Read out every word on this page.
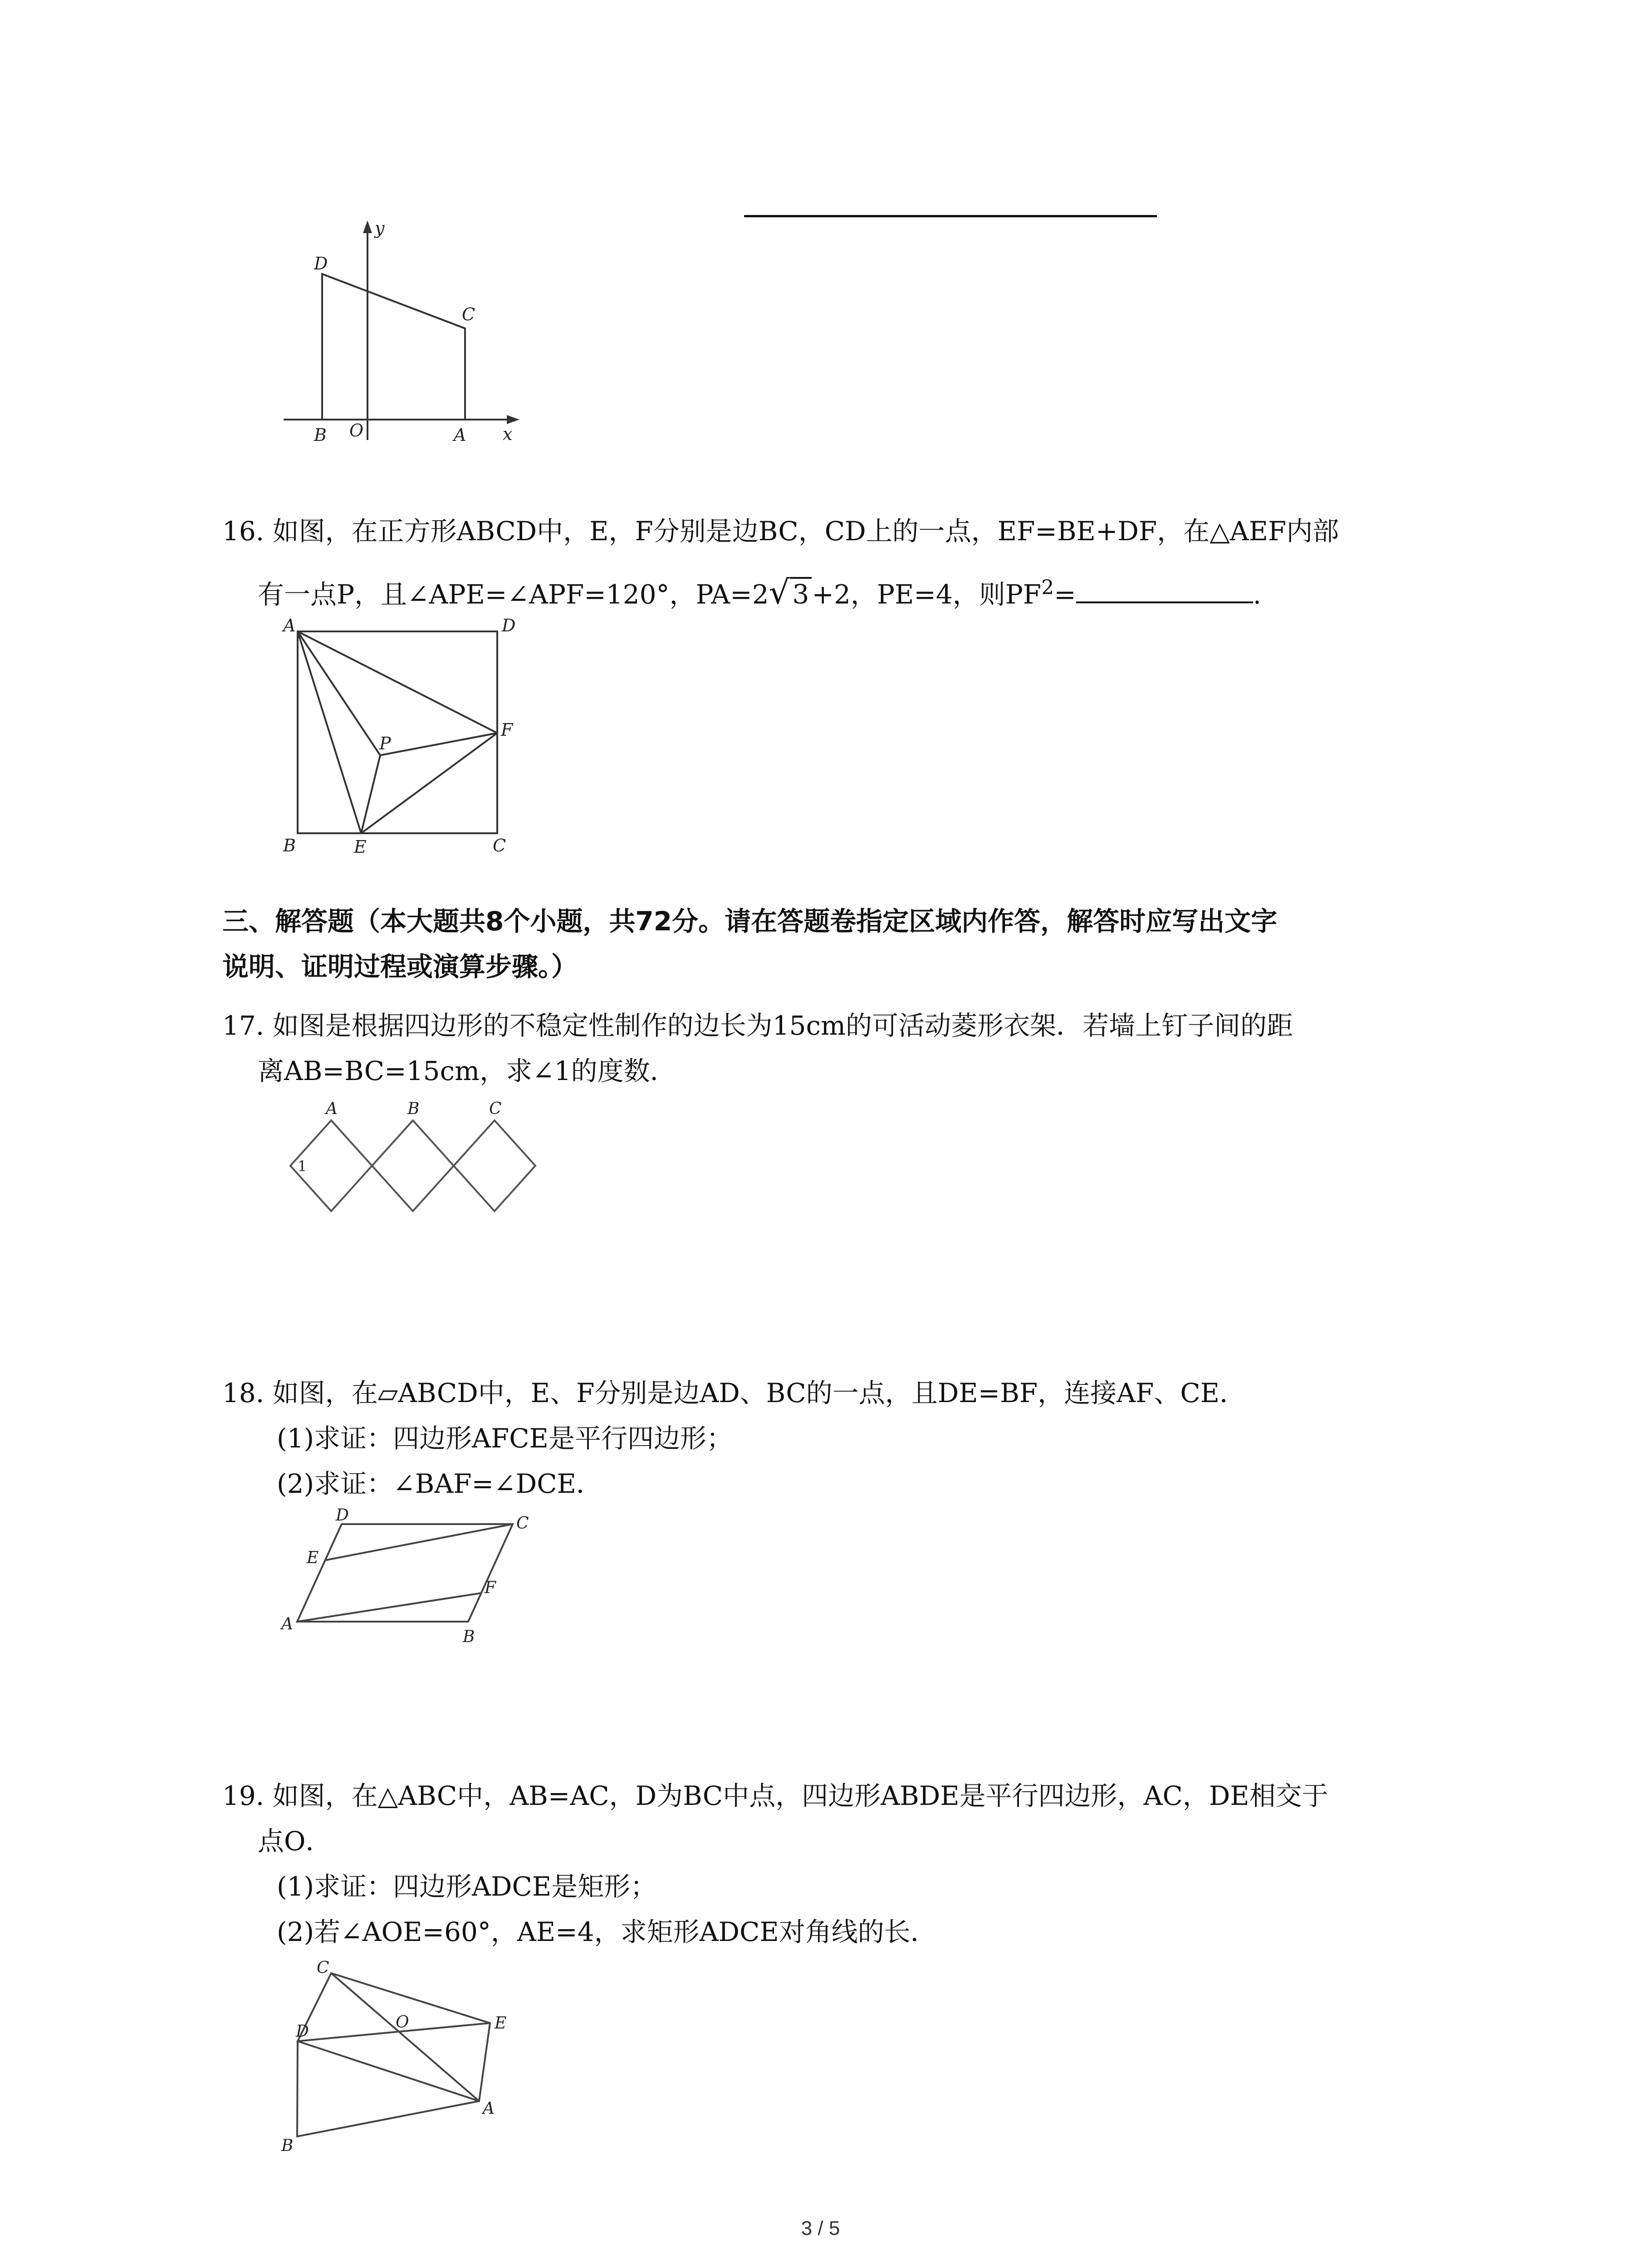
y
x
D
C
B O	A
16. 如图，在正方形ABCD中，E，F分别是边BC，CD上的一点，EF=BE+DF，在△AEF内部
有一点P，且∠APE=∠APF=120°，PA=2√ 3 +2，PE=4，则$PF^2=$	.
A	D
P
F
B	E	C
三、解答题（本大题共8个小题，共72分。请在答题卷指定区域内作答，解答时应写出文字
说明、证明过程或演算步骤。）
17. 如图是根据四边形的不稳定性制作的边长为15cm的可活动菱形衣架．若墙上钉子间的距
离AB=BC=15cm，求∠1的度数．
A	B	C
1
18. 如图，在▱ABCD中，E、F分别是边AD、BC的一点，且DE=BF，连接AF、CE．
(1)求证：四边形AFCE是平行四边形；
(2)求证：∠BAF=∠DCE．
D	C
E
F
A
B
19. 如图，在△ABC中，AB=AC，D为BC中点，四边形ABDE是平行四边形，AC，DE相交于
点O．
(1)求证：四边形ADCE是矩形；
(2)若∠AOE=60°，AE=4，求矩形ADCE对角线的长．
C
D	O	E
B
A
3 / 5
